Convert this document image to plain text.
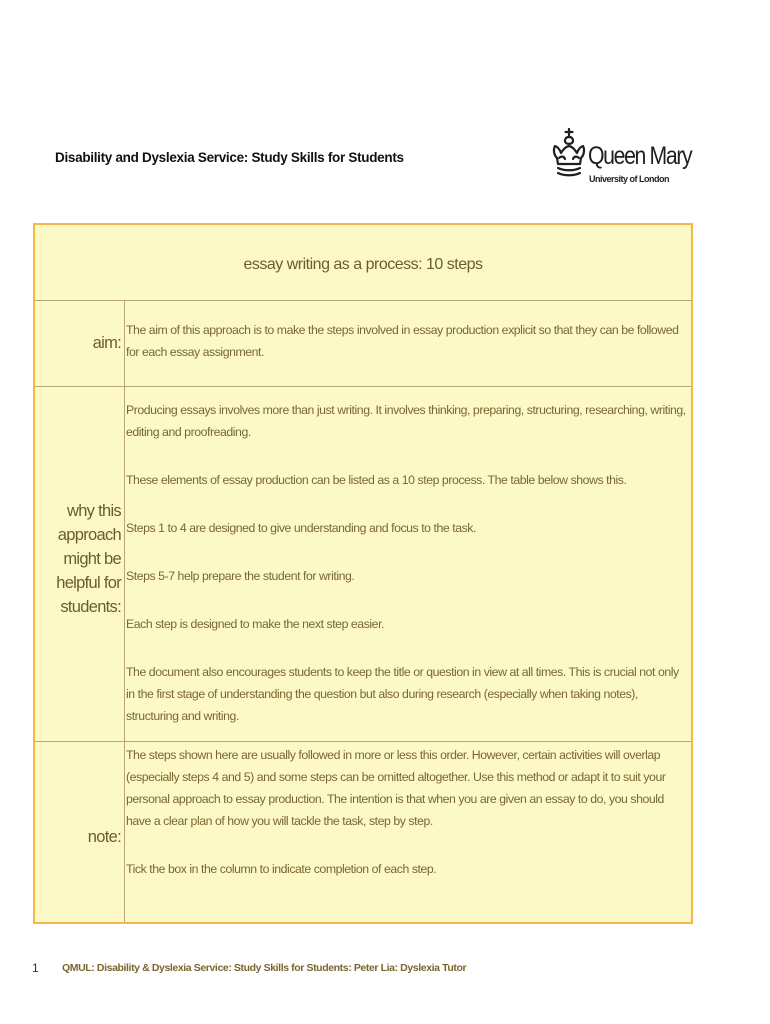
Disability and Dyslexia Service: Study Skills for Students	Queen Mary
University of London
essay writing as a process: 10 steps
aim:
The aim of this approach is to make the steps involved in essay production explicit so that they can be followed for each essay assignment.
why this
approach
might be
helpful for
students:

Producing essays involves more than just writing. It involves thinking, preparing, structuring, researching, writing, editing and proofreading.

These elements of essay production can be listed as a 10 step process. The table below shows this.

Steps 1 to 4 are designed to give understanding and focus to the task.

Steps 5-7 help prepare the student for writing.

Each step is designed to make the next step easier.

The document also encourages students to keep the title or question in view at all times. This is crucial not only in the first stage of understanding the question but also during research (especially when taking notes), structuring and writing.

note:

The steps shown here are usually followed in more or less this order. However, certain activities will overlap (especially steps 4 and 5) and some steps can be omitted altogether. Use this method or adapt it to suit your personal approach to essay production. The intention is that when you are given an essay to do, you should have a clear plan of how you will tackle the task, step by step.

Tick the box in the column to indicate completion of each step.

1 QMUL: Disability & Dyslexia Service: Study Skills for Students: Peter Lia: Dyslexia Tutor
